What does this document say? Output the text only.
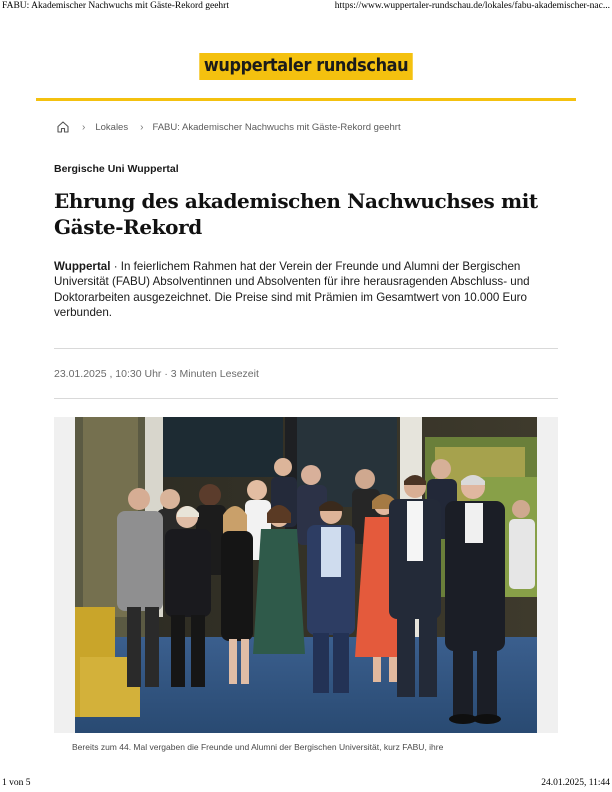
FABU: Akademischer Nachwuchs mit Gäste-Rekord geehrt	https://www.wuppertaler-rundschau.de/lokales/fabu-akademischer-nac...
wuppertaler rundschau
› Lokales › FABU: Akademischer Nachwuchs mit Gäste-Rekord geehrt
Bergische Uni Wuppertal
Ehrung des akademischen Nachwuchses mit Gäste-Rekord

Wuppertal · In feierlichem Rahmen hat der Verein der Freunde und Alumni der Bergischen Universität (FABU) Absolventinnen und Absolventen für ihre herausragenden Abschluss- und Doktorarbeiten ausgezeichnet. Die Preise sind mit Prämien im Gesamtwert von 10.000 Euro verbunden.

23.01.2025 , 10:30 Uhr · 3 Minuten Lesezeit

Bereits zum 44. Mal vergaben die Freunde und Alumni der Bergischen Universität, kurz FABU, ihre

1 von 5	24.01.2025, 11:44
